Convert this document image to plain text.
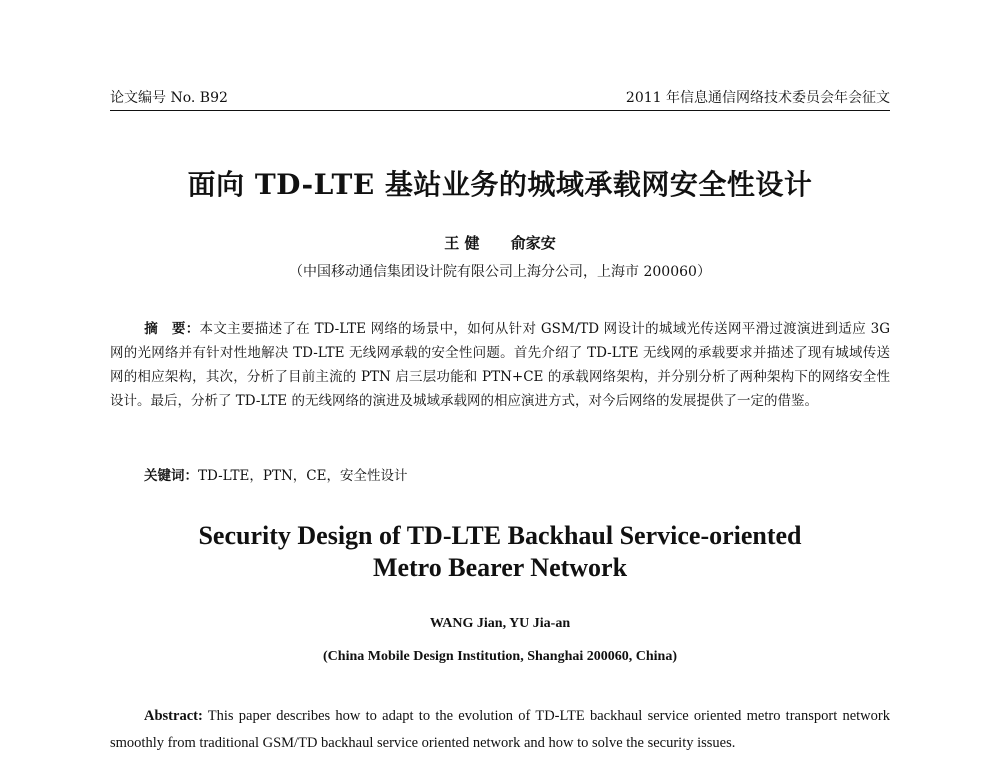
论文编号 No. B92	2011 年信息通信网络技术委员会年会征文
面向 TD-LTE 基站业务的城域承载网安全性设计
王 健      俞家安
（中国移动通信集团设计院有限公司上海分公司，上海市 200060）
摘　要：本文主要描述了在 TD-LTE 网络的场景中，如何从针对 GSM/TD 网设计的城域光传送网平滑过渡演进到适应 3G 网的光网络并有针对性地解决 TD-LTE 无线网承载的安全性问题。首先介绍了 TD-LTE 无线网的承载要求并描述了现有城域传送网的相应架构，其次，分析了目前主流的 PTN 启三层功能和 PTN+CE 的承载网络架构，并分别分析了两种架构下的网络安全性设计。最后，分析了 TD-LTE 的无线网络的演进及城域承载网的相应演进方式，对今后网络的发展提供了一定的借鉴。
关键词：TD-LTE，PTN，CE，安全性设计
Security Design of TD-LTE Backhaul Service-oriented
Metro Bearer Network
WANG Jian, YU Jia-an
(China Mobile Design Institution, Shanghai 200060, China)
Abstract: This paper describes how to adapt to the evolution of TD-LTE backhaul service oriented metro transport network smoothly from traditional GSM/TD backhaul service oriented network and how to solve the security issues.
